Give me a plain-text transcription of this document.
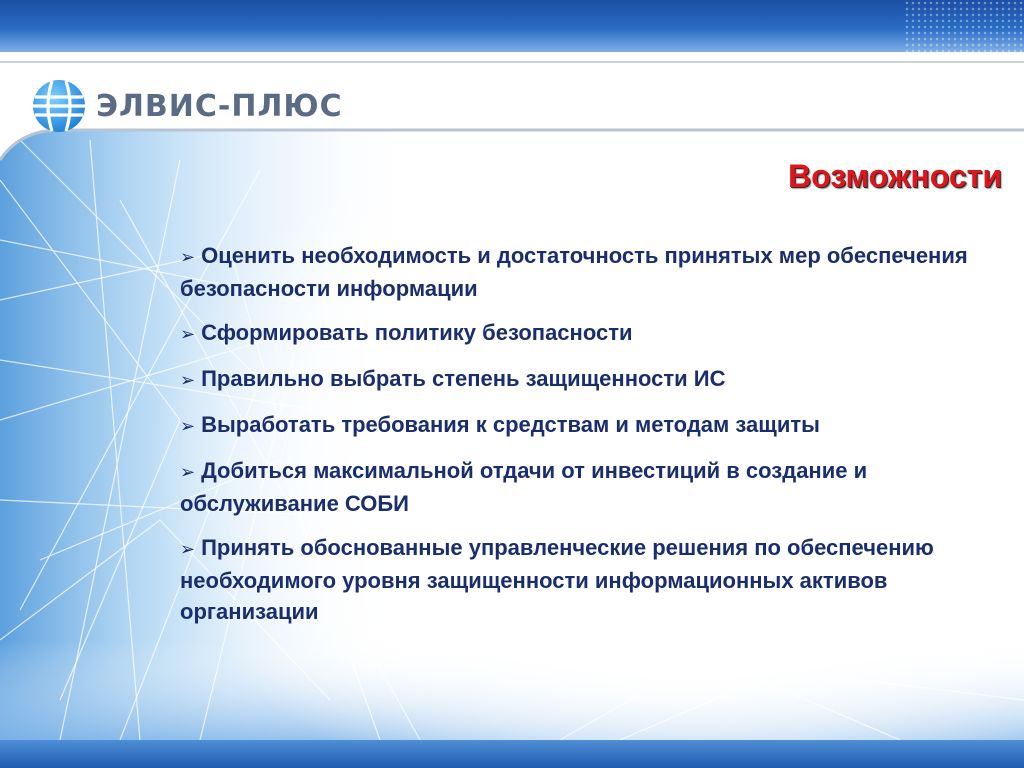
ЭЛВИС-ПЛЮС
Возможности
➢ Оценить необходимость и достаточность принятых мер обеспечения безопасности информации
➢ Сформировать политику безопасности
➢ Правильно выбрать степень защищенности ИС
➢ Выработать требования к средствам и методам защиты
➢ Добиться максимальной отдачи от инвестиций в создание и обслуживание СОБИ
➢ Принять обоснованные управленческие решения по обеспечению необходимого уровня защищенности информационных активов организации
